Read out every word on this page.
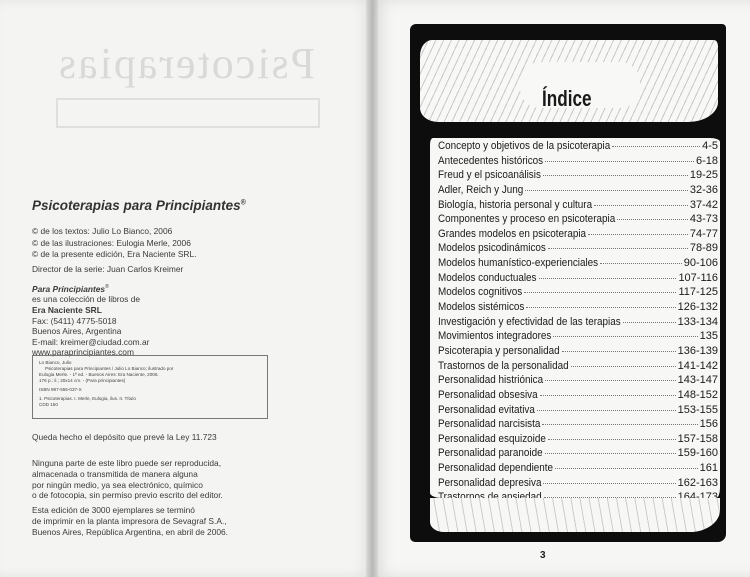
Psicoterapias
Psicoterapias para Principiantes®
© de los textos: Julio Lo Bianco, 2006
© de las ilustraciones: Eulogia Merle, 2006
© de la presente edición, Era Naciente SRL.
Director de la serie: Juan Carlos Kreimer
Para Principiantes®
es una colección de libros de
Era Naciente SRL
Fax: (5411) 4775-5018
Buenos Aires, Argentina
E-mail: kreimer@ciudad.com.ar
www.paraprincipiantes.com
Lo Bianco, Julio
Psicoterapias para Principiantes / Julio Lo Bianco; ilustrado por
Eulogia Merle. - 1ª ed. - Buenos Aires: Era Naciente, 2006.
176 p.: il.; 20x14 cm. - (Para principiantes)
ISBN 987-555-037-X
1. Psicoterapias. I. Merle, Eulogia, ilus. II. Título
CDD 150
Queda hecho el depósito que prevé la Ley 11.723
Ninguna parte de este libro puede ser reproducida,
almacenada o transmitida de manera alguna
por ningún medio, ya sea electrónico, químico
o de fotocopia, sin permiso previo escrito del editor.
Esta edición de 3000 ejemplares se terminó
de imprimir en la planta impresora de Sevagraf S.A.,
Buenos Aires, República Argentina, en abril de 2006.
Índice
Concepto y objetivos de la psicoterapia	4-5
Antecedentes históricos	6-18
Freud y el psicoanálisis	19-25
Adler, Reich y Jung	32-36
Biología, historia personal y cultura	37-42
Componentes y proceso en psicoterapia	43-73
Grandes modelos en psicoterapia	74-77
Modelos psicodinámicos	78-89
Modelos humanístico-experienciales	90-106
Modelos conductuales	107-116
Modelos cognitivos	117-125
Modelos sistémicos	126-132
Investigación y efectividad de las terapias	133-134
Movimientos integradores	135
Psicoterapia y personalidad	136-139
Trastornos de la personalidad	141-142
Personalidad histriónica	143-147
Personalidad obsesiva	148-152
Personalidad evitativa	153-155
Personalidad narcisista	156
Personalidad esquizoide	157-158
Personalidad paranoide	159-160
Personalidad dependiente	161
Personalidad depresiva	162-163
3
